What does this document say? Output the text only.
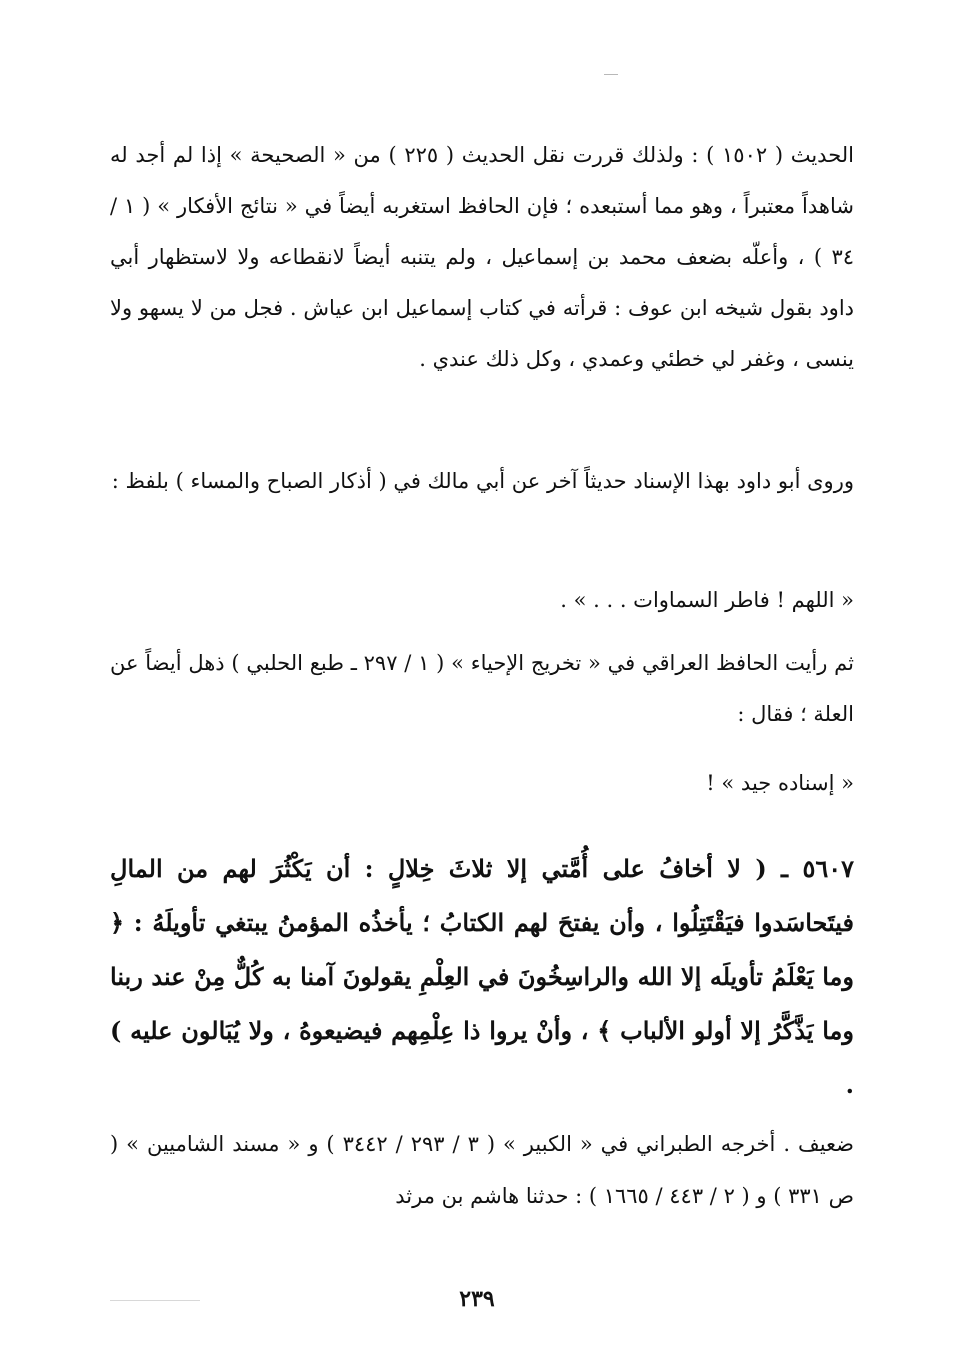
الحديث ( ١٥٠٢ ) : ولذلك قررت نقل الحديث ( ٢٢٥ ) من « الصحيحة » إذا لم أجد له شاهداً معتبراً ، وهو مما أستبعده ؛ فإن الحافظ استغربه أيضاً في « نتائج الأفكار » ( ١ / ٣٤ ) ، وأعلّه بضعف محمد بن إسماعيل ، ولم يتنبه أيضاً لانقطاعه ولا لاستظهار أبي داود بقول شيخه ابن عوف : قرأته في كتاب إسماعيل ابن عياش . فجل من لا يسهو ولا ينسى ، وغفر لي خطئي وعمدي ، وكل ذلك عندي .

وروى أبو داود بهذا الإسناد حديثاً آخر عن أبي مالك في ( أذكار الصباح والمساء ) بلفظ :

« اللهم ! فاطر السماوات . . . » .

ثم رأيت الحافظ العراقي في « تخريج الإحياء » ( ١ / ٢٩٧ ـ طبع الحلبي ) ذهل أيضاً عن العلة ؛ فقال :

« إسناده جيد » !

٥٦٠٧ ـ ( لا أخافُ على أُمَّتي إلا ثلاثَ خِلالٍ : أن يَكْثُرَ لهم من المالِ فيتَحاسَدوا فيَقْتَتِلُوا ، وأن يفتحَ لهم الكتابُ ؛ يأخذُه المؤمنُ يبتغي تأويلَهُ : ﴿ وما يَعْلَمُ تأويلَه إلا الله والراسِخُونَ في العِلْمِ يقولونَ آمنا به كُلٌّ مِنْ عند ربنا وما يَذَّكَّرُ إلا أولو الألباب ﴾ ، وأنْ يروا ذا عِلْمِهم فيضيعوهُ ، ولا يُبَالون عليه ) .

ضعيف . أخرجه الطبراني في « الكبير » ( ٣ / ٢٩٣ / ٣٤٤٢ ) و « مسند الشاميين » ( ص ٣٣١ ) و ( ٢ / ٤٤٣ / ١٦٦٥ ) : حدثنا هاشم بن مرثد

٢٣٩
